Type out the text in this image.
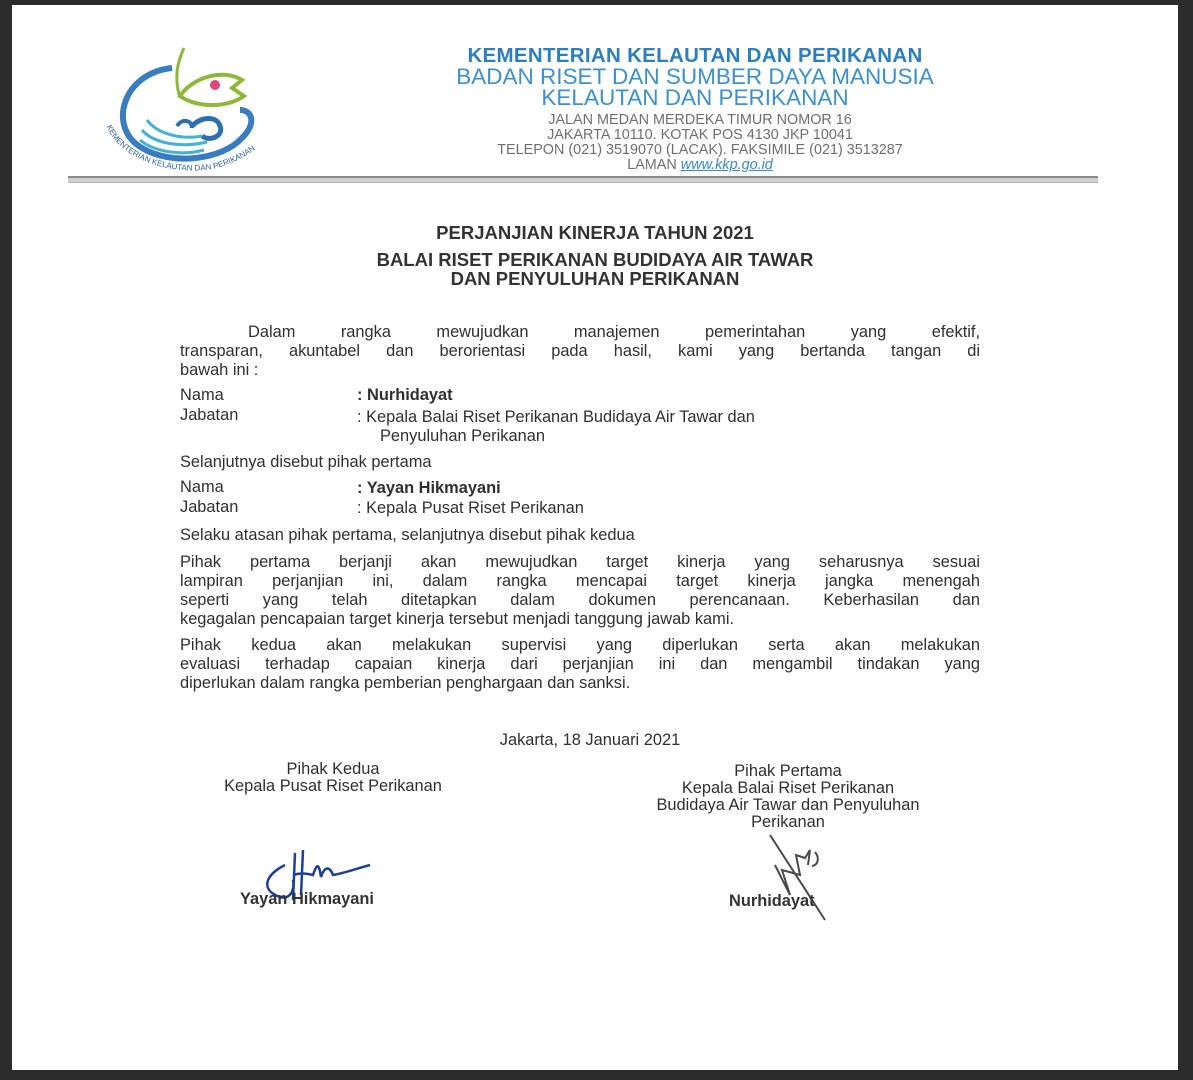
KEMENTERIAN KELAUTAN DAN PERIKANAN
KEMENTERIAN KELAUTAN DAN PERIKANAN
BADAN RISET DAN SUMBER DAYA MANUSIA
KELAUTAN DAN PERIKANAN
JALAN MEDAN MERDEKA TIMUR NOMOR 16
JAKARTA 10110. KOTAK POS 4130 JKP 10041
TELEPON (021) 3519070 (LACAK). FAKSIMILE (021) 3513287
LAMAN www.kkp.go.id
PERJANJIAN KINERJA TAHUN 2021
BALAI RISET PERIKANAN BUDIDAYA AIR TAWAR
DAN PENYULUHAN PERIKANAN
Dalam rangka mewujudkan manajemen pemerintahan yang efektif,
transparan, akuntabel dan berorientasi pada hasil, kami yang bertanda tangan di
bawah ini :
Nama	: Nurhidayat
Jabatan	: Kepala Balai Riset Perikanan Budidaya Air Tawar dan
Penyuluhan Perikanan
Selanjutnya disebut pihak pertama
Nama	: Yayan Hikmayani
Jabatan	: Kepala Pusat Riset Perikanan
Selaku atasan pihak pertama, selanjutnya disebut pihak kedua
Pihak pertama berjanji akan mewujudkan target kinerja yang seharusnya sesuai
lampiran perjanjian ini, dalam rangka mencapai target kinerja jangka menengah
seperti yang telah ditetapkan dalam dokumen perencanaan. Keberhasilan dan
kegagalan pencapaian target kinerja tersebut menjadi tanggung jawab kami.
Pihak kedua akan melakukan supervisi yang diperlukan serta akan melakukan
evaluasi terhadap capaian kinerja dari perjanjian ini dan mengambil tindakan yang
diperlukan dalam rangka pemberian penghargaan dan sanksi.
Jakarta, 18 Januari 2021
Pihak Kedua
Kepala Pusat Riset Perikanan
Yayan Hikmayani
Pihak Pertama
Kepala Balai Riset Perikanan
Budidaya Air Tawar dan Penyuluhan
Perikanan
Nurhidayat
